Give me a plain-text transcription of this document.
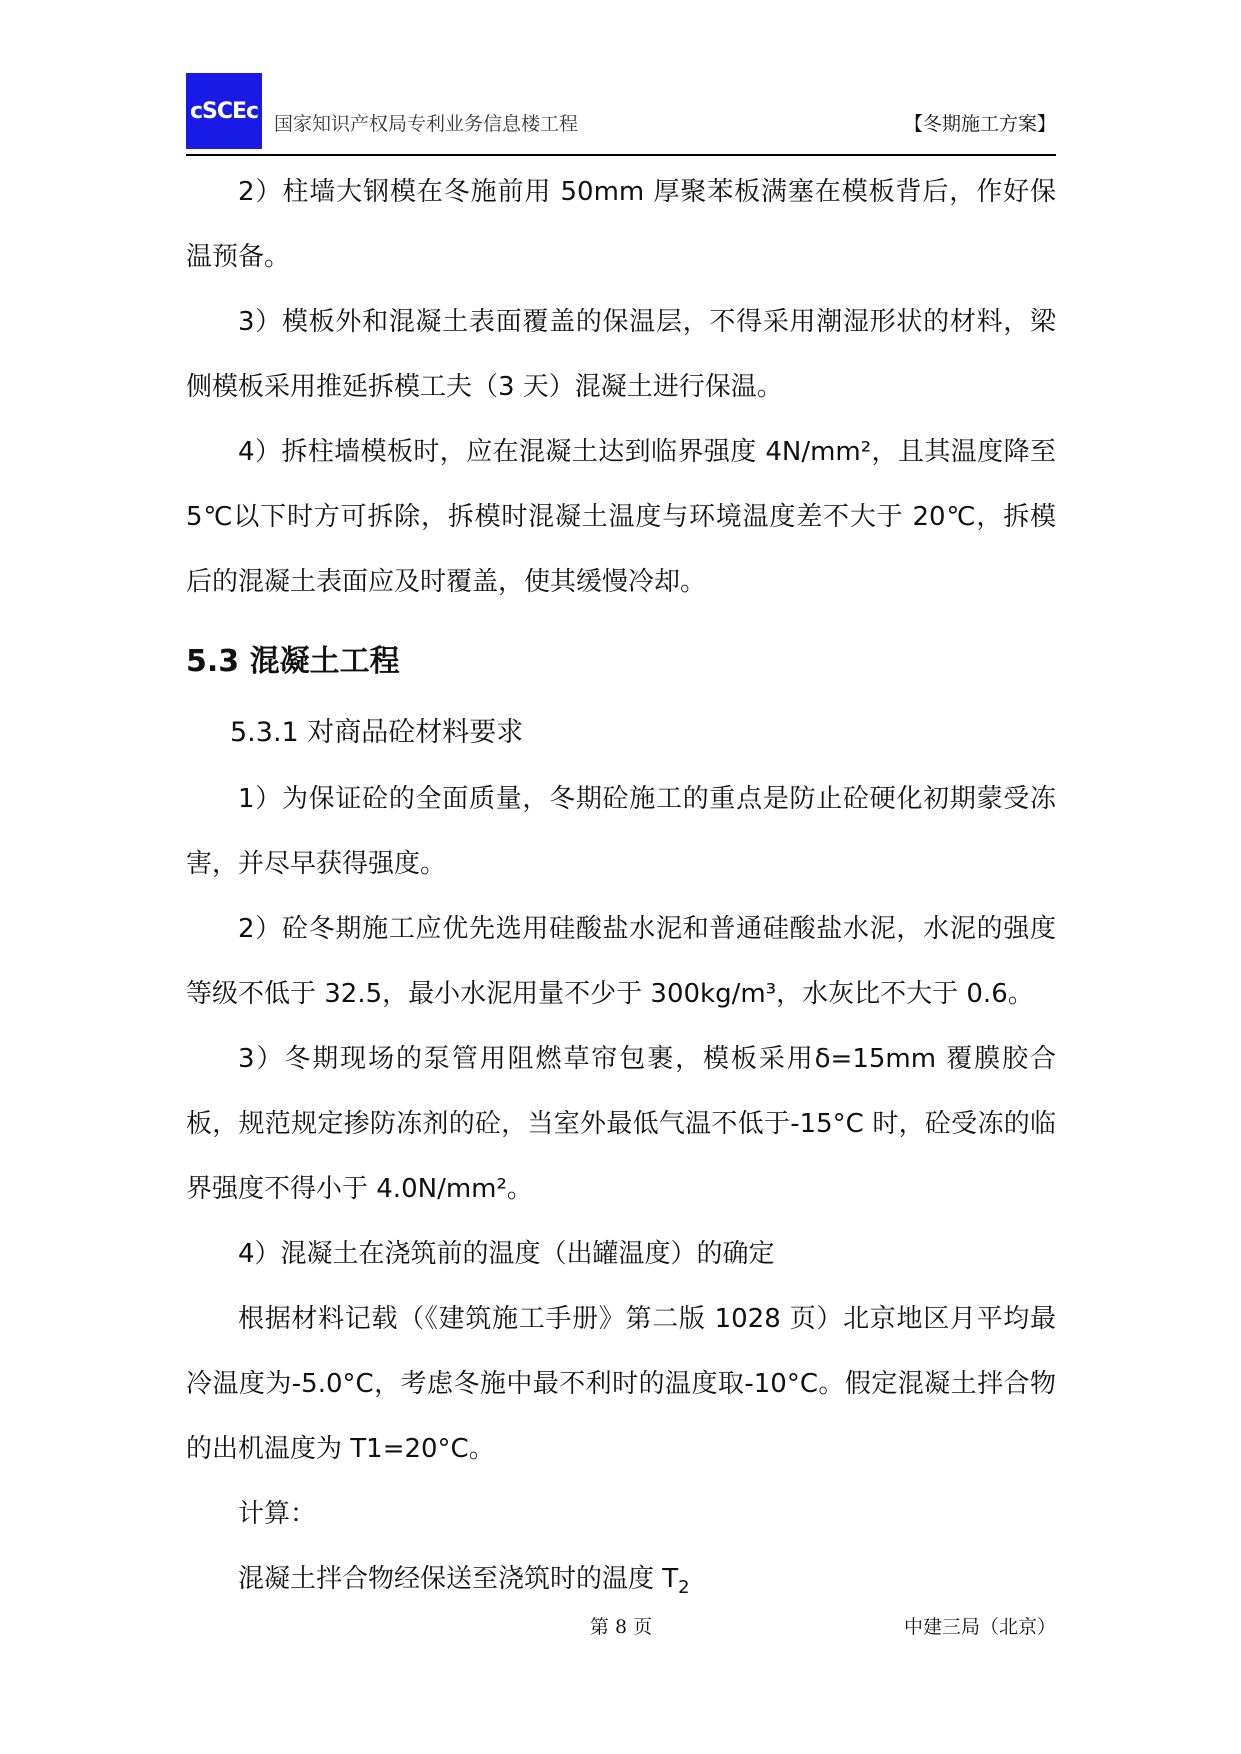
cSCEc
国家知识产权局专利业务信息楼工程	【冬期施工方案】

2）柱墙大钢模在冬施前用 50mm 厚聚苯板满塞在模板背后，作好保温预备。

3）模板外和混凝土表面覆盖的保温层，不得采用潮湿形状的材料，梁侧模板采用推延拆模工夫（3 天）混凝土进行保温。

4）拆柱墙模板时，应在混凝土达到临界强度 4N/mm²，且其温度降至 5℃以下时方可拆除，拆模时混凝土温度与环境温度差不大于 20℃，拆模后的混凝土表面应及时覆盖，使其缓慢冷却。

5.3 混凝土工程
5.3.1 对商品砼材料要求

1）为保证砼的全面质量，冬期砼施工的重点是防止砼硬化初期蒙受冻害，并尽早获得强度。

2）砼冬期施工应优先选用硅酸盐水泥和普通硅酸盐水泥，水泥的强度等级不低于 32.5，最小水泥用量不少于 300kg/m³，水灰比不大于 0.6。

3）冬期现场的泵管用阻燃草帘包裹，模板采用δ=15mm 覆膜胶合板，规范规定掺防冻剂的砼，当室外最低气温不低于-15°C 时，砼受冻的临界强度不得小于 4.0N/mm²。

4）混凝土在浇筑前的温度（出罐温度）的确定

根据材料记载（《建筑施工手册》第二版 1028 页）北京地区月平均最冷温度为-5.0°C，考虑冬施中最不利时的温度取-10°C。假定混凝土拌合物的出机温度为 T1=20°C。

计算：

混凝土拌合物经保送至浇筑时的温度 $T_2$

第 8 页	中建三局（北京）
